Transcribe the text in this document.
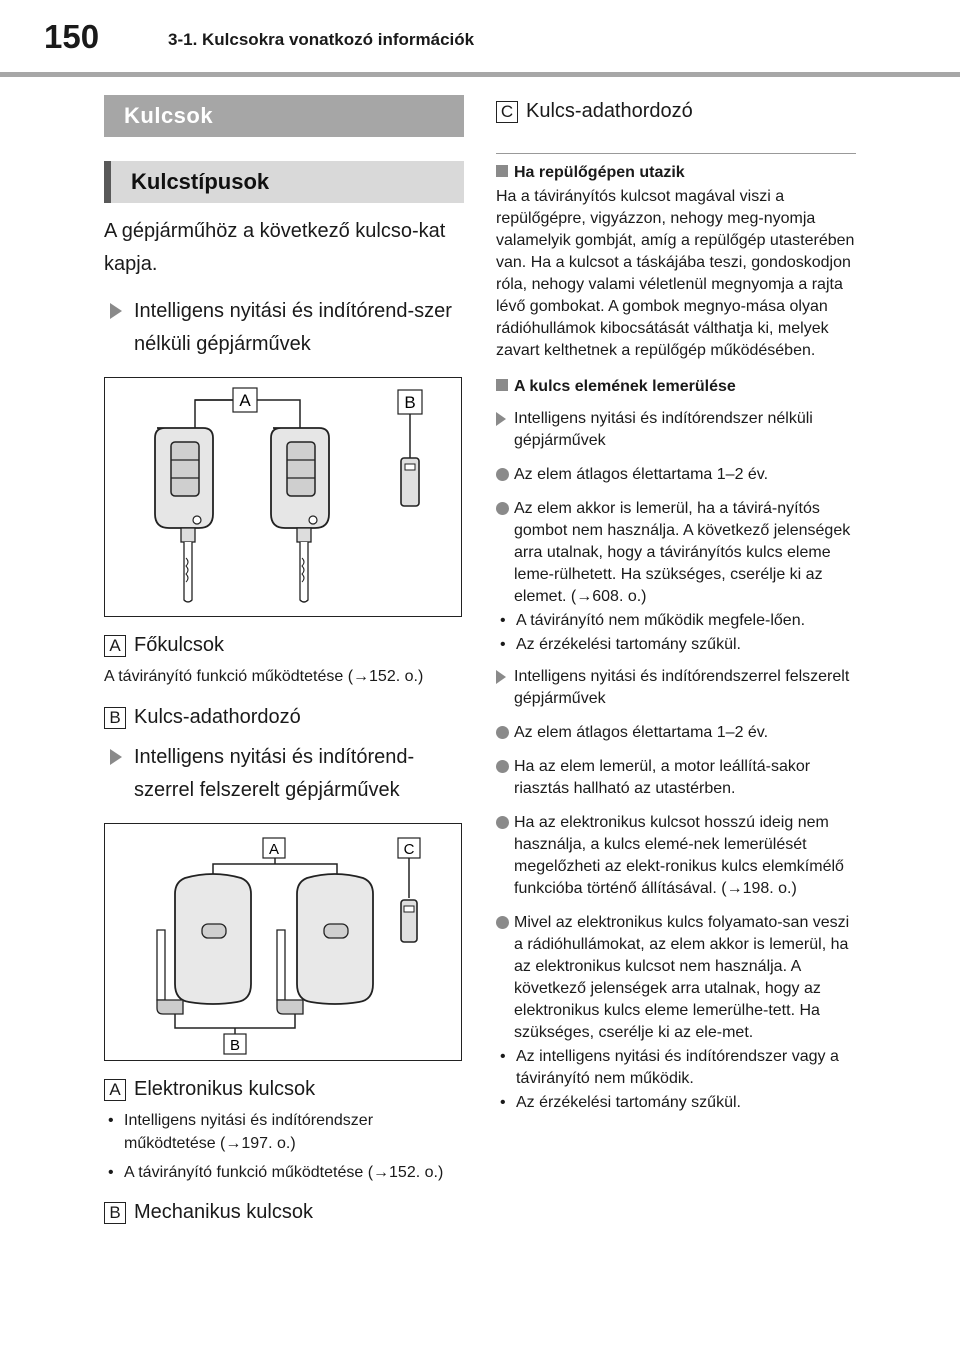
150	3-1. Kulcsokra vonatkozó információk
Kulcsok
Kulcstípusok
A gépjárműhöz a következő kulcso-kat kapja.
Intelligens nyitási és indítórend-szer nélküli gépjárművek
A	B
A Főkulcsok
A távirányító funkció működtetése (→152. o.)
B Kulcs-adathordozó
Intelligens nyitási és indítórend-szerrel felszerelt gépjárművek
A	C
B
A Elektronikus kulcsok
• Intelligens nyitási és indítórendszer működtetése (→197. o.)
• A távirányító funkció működtetése (→152. o.)
B Mechanikus kulcsok
C Kulcs-adathordozó
Ha repülőgépen utazik
Ha a távirányítós kulcsot magával viszi a repülőgépre, vigyázzon, nehogy meg-nyomja valamelyik gombját, amíg a repülőgép utasterében van. Ha a kulcsot a táskájába teszi, gondoskodjon róla, nehogy valami véletlenül megnyomja a rajta lévő gombokat. A gombok megnyo-mása olyan rádióhullámok kibocsátását válthatja ki, melyek zavart kelthetnek a repülőgép működésében.
A kulcs elemének lemerülése
Intelligens nyitási és indítórendszer nélküli gépjárművek
Az elem átlagos élettartama 1–2 év.
Az elem akkor is lemerül, ha a távirá-nyítós gombot nem használja. A következő jelenségek arra utalnak, hogy a távirányítós kulcs eleme leme-rülhetett. Ha szükséges, cserélje ki az elemet. (→608. o.)
• A távirányító nem működik megfele-lően.
• Az érzékelési tartomány szűkül.
Intelligens nyitási és indítórendszerrel felszerelt gépjárművek
Az elem átlagos élettartama 1–2 év.
Ha az elem lemerül, a motor leállítá-sakor riasztás hallható az utastérben.
Ha az elektronikus kulcsot hosszú ideig nem használja, a kulcs elemé-nek lemerülését megelőzheti az elekt-ronikus kulcs elemkímélő funkcióba történő állításával. (→198. o.)
Mivel az elektronikus kulcs folyamato-san veszi a rádióhullámokat, az elem akkor is lemerül, ha az elektronikus kulcsot nem használja. A következő jelenségek arra utalnak, hogy az elektronikus kulcs eleme lemerülhe-tett. Ha szükséges, cserélje ki az ele-met.
• Az intelligens nyitási és indítórendszer vagy a távirányító nem működik.
• Az érzékelési tartomány szűkül.
